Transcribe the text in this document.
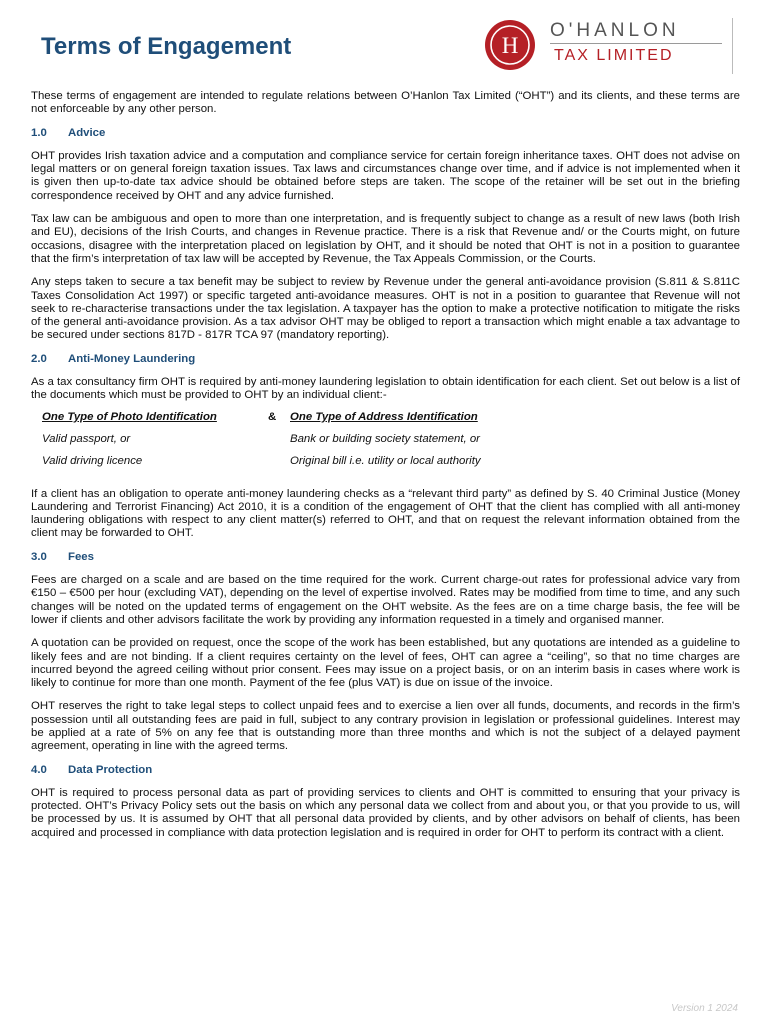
Terms of Engagement	H
O'HANLON
TAX LIMITED

These terms of engagement are intended to regulate relations between O’Hanlon Tax Limited (“OHT”) and its clients, and these terms are not enforceable by any other person.

1.0 Advice

OHT provides Irish taxation advice and a computation and compliance service for certain foreign inheritance taxes. OHT does not advise on legal matters or on general foreign taxation issues. Tax laws and circumstances change over time, and if advice is not implemented when it is given then up-to-date tax advice should be obtained before steps are taken. The scope of the retainer will be set out in the briefing correspondence received by OHT and any advice furnished.

Tax law can be ambiguous and open to more than one interpretation, and is frequently subject to change as a result of new laws (both Irish and EU), decisions of the Irish Courts, and changes in Revenue practice. There is a risk that Revenue and/ or the Courts might, on future occasions, disagree with the interpretation placed on legislation by OHT, and it should be noted that OHT is not in a position to guarantee that the firm’s interpretation of tax law will be accepted by Revenue, the Tax Appeals Commission, or the Courts.

Any steps taken to secure a tax benefit may be subject to review by Revenue under the general anti-avoidance provision (S.811 & S.811C Taxes Consolidation Act 1997) or specific targeted anti-avoidance measures. OHT is not in a position to guarantee that Revenue will not seek to re-characterise transactions under the tax legislation. A taxpayer has the option to make a protective notification to mitigate the risks of the general anti-avoidance provision. As a tax advisor OHT may be obliged to report a transaction which might enable a tax advantage to be secured under sections 817D - 817R TCA 97 (mandatory reporting).

2.0 Anti-Money Laundering

As a tax consultancy firm OHT is required by anti-money laundering legislation to obtain identification for each client. Set out below is a list of the documents which must be provided to OHT by an individual client:-

One Type of Photo Identification	&	One Type of Address Identification
Valid passport, or		Bank or building society statement, or
Valid driving licence		Original bill i.e. utility or local authority

If a client has an obligation to operate anti-money laundering checks as a “relevant third party” as defined by S. 40 Criminal Justice (Money Laundering and Terrorist Financing) Act 2010, it is a condition of the engagement of OHT that the client has complied with all anti-money laundering obligations with respect to any client matter(s) referred to OHT, and that on request the relevant information obtained from the client may be forwarded to OHT.

3.0 Fees

Fees are charged on a scale and are based on the time required for the work. Current charge-out rates for professional advice vary from €150 – €500 per hour (excluding VAT), depending on the level of expertise involved. Rates may be modified from time to time, and any such changes will be noted on the updated terms of engagement on the OHT website. As the fees are on a time charge basis, the fee will be lower if clients and other advisors facilitate the work by providing any information requested in a timely and organised manner.

A quotation can be provided on request, once the scope of the work has been established, but any quotations are intended as a guideline to likely fees and are not binding. If a client requires certainty on the level of fees, OHT can agree a “ceiling”, so that no time charges are incurred beyond the agreed ceiling without prior consent. Fees may issue on a project basis, or on an interim basis in cases where work is likely to continue for more than one month. Payment of the fee (plus VAT) is due on issue of the invoice.

OHT reserves the right to take legal steps to collect unpaid fees and to exercise a lien over all funds, documents, and records in the firm’s possession until all outstanding fees are paid in full, subject to any contrary provision in legislation or professional guidelines. Interest may be applied at a rate of 5% on any fee that is outstanding more than three months and which is not the subject of a delayed payment agreement, operating in line with the agreed terms.

4.0 Data Protection

OHT is required to process personal data as part of providing services to clients and OHT is committed to ensuring that your privacy is protected. OHT’s Privacy Policy sets out the basis on which any personal data we collect from and about you, or that you provide to us, will be processed by us. It is assumed by OHT that all personal data provided by clients, and by other advisors on behalf of clients, has been acquired and processed in compliance with data protection legislation and is required in order for OHT to perform its contract with a client.

Version 1 2024
